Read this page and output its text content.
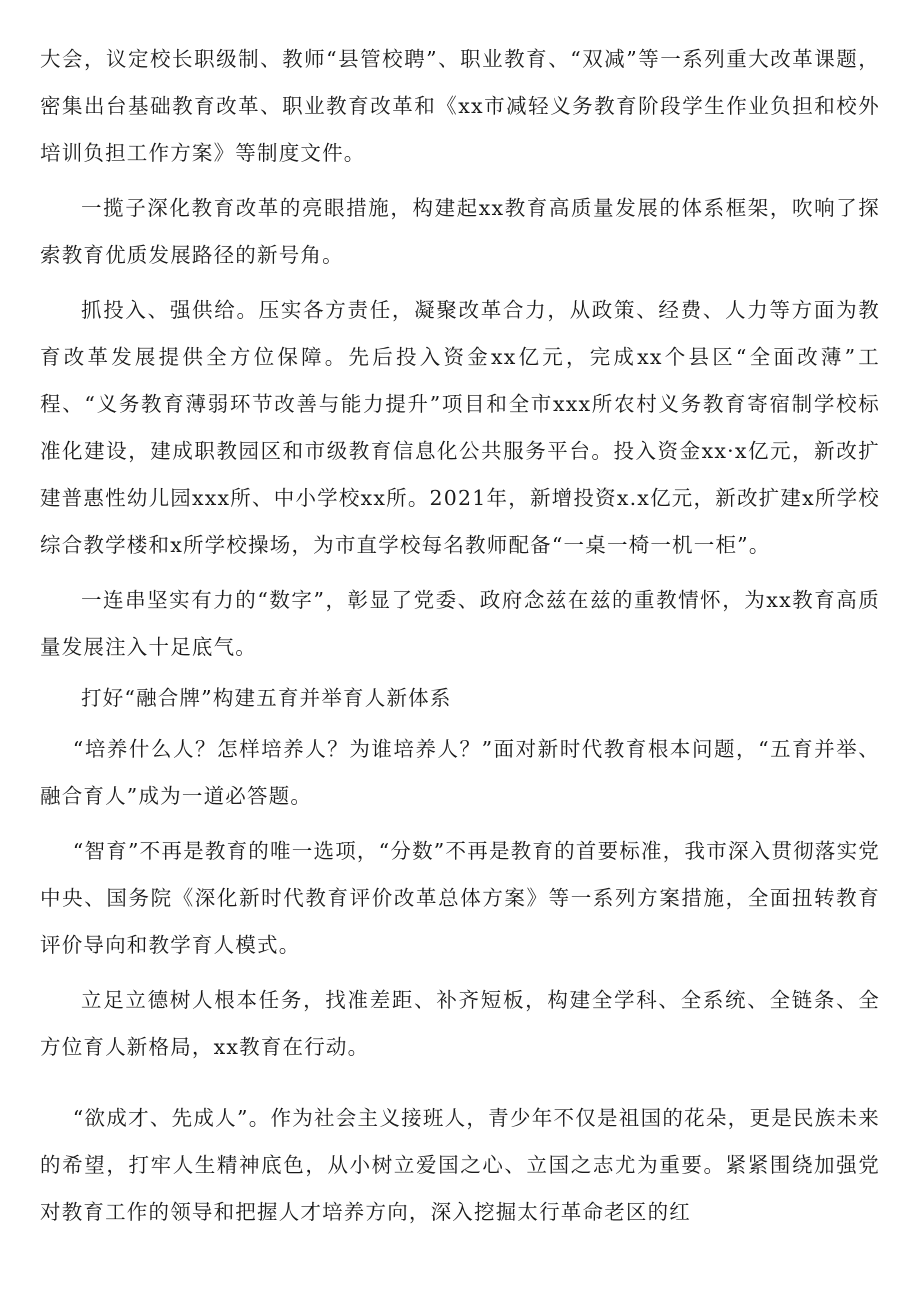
大会，议定校长职级制、教师“县管校聘”、职业教育、“双减”等一系列重大改革课题，密集出台基础教育改革、职业教育改革和《xx市减轻义务教育阶段学生作业负担和校外培训负担工作方案》等制度文件。

一揽子深化教育改革的亮眼措施，构建起xx教育高质量发展的体系框架，吹响了探索教育优质发展路径的新号角。

抓投入、强供给。压实各方责任，凝聚改革合力，从政策、经费、人力等方面为教育改革发展提供全方位保障。先后投入资金xx亿元，完成xx个县区“全面改薄”工程、“义务教育薄弱环节改善与能力提升”项目和全市xxx所农村义务教育寄宿制学校标准化建设，建成职教园区和市级教育信息化公共服务平台。投入资金xx·x亿元，新改扩建普惠性幼儿园xxx所、中小学校xx所。2021年，新增投资x.x亿元，新改扩建x所学校综合教学楼和x所学校操场，为市直学校每名教师配备“一桌一椅一机一柜”。

一连串坚实有力的“数字”，彰显了党委、政府念兹在兹的重教情怀，为xx教育高质量发展注入十足底气。

打好“融合牌”构建五育并举育人新体系

“培养什么人？怎样培养人？为谁培养人？”面对新时代教育根本问题，“五育并举、融合育人”成为一道必答题。

“智育”不再是教育的唯一选项，“分数”不再是教育的首要标准，我市深入贯彻落实党中央、国务院《深化新时代教育评价改革总体方案》等一系列方案措施，全面扭转教育评价导向和教学育人模式。

立足立德树人根本任务，找准差距、补齐短板，构建全学科、全系统、全链条、全方位育人新格局，xx教育在行动。

“欲成才、先成人”。作为社会主义接班人，青少年不仅是祖国的花朵，更是民族未来的希望，打牢人生精神底色，从小树立爱国之心、立国之志尤为重要。紧紧围绕加强党对教育工作的领导和把握人才培养方向，深入挖掘太行革命老区的红
